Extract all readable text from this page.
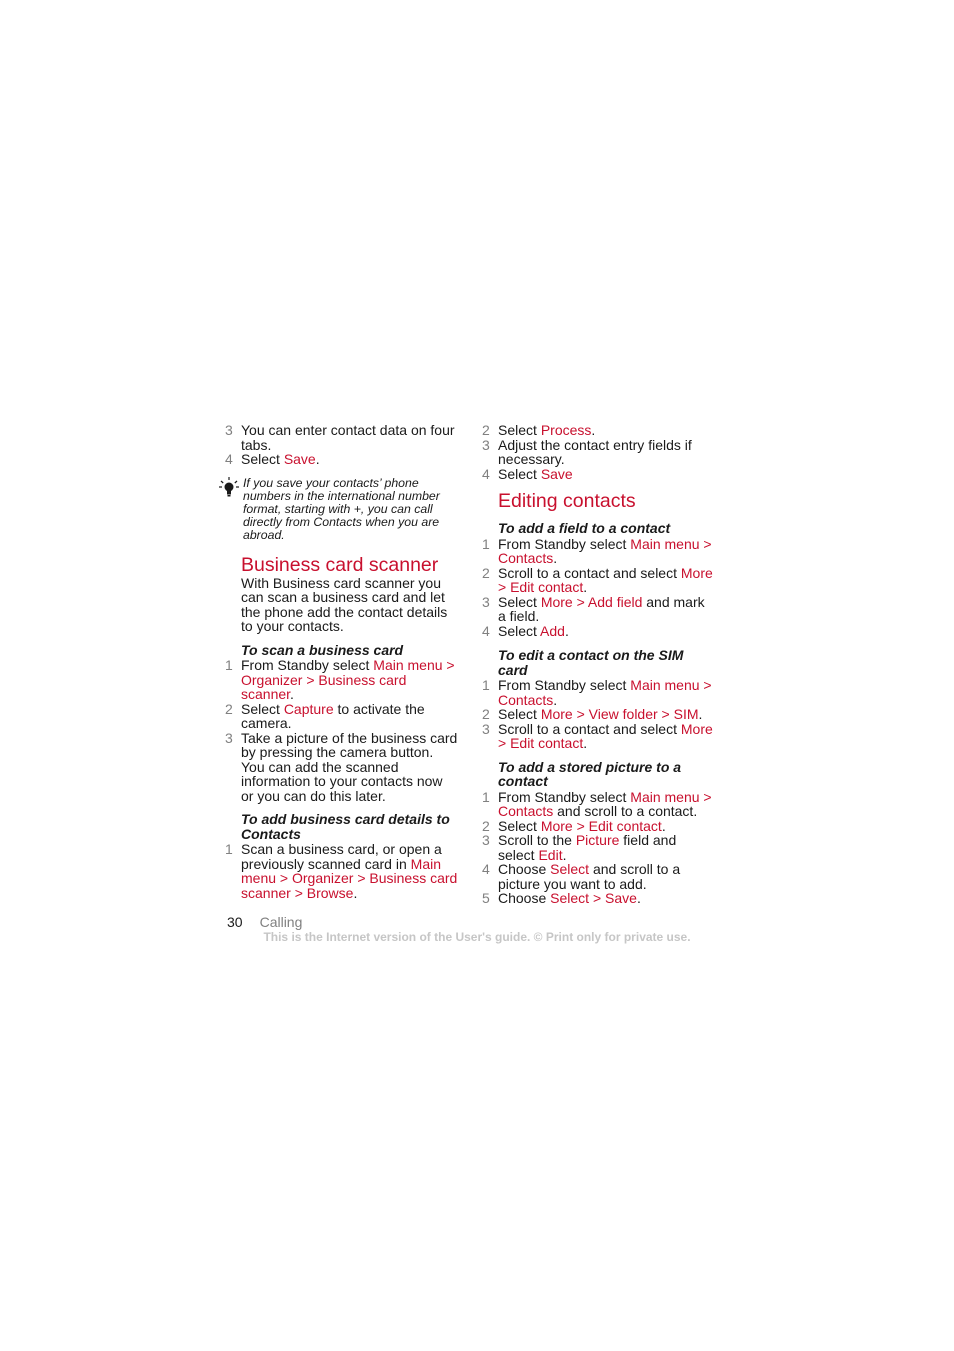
3 You can enter contact data on four tabs.
4 Select Save.
If you save your contacts’ phone numbers in the international number format, starting with +, you can call directly from Contacts when you are abroad.
Business card scanner
With Business card scanner you can scan a business card and let the phone add the contact details to your contacts.
To scan a business card
1 From Standby select Main menu > Organizer > Business card scanner.
2 Select Capture to activate the camera.
3 Take a picture of the business card by pressing the camera button. You can add the scanned information to your contacts now or you can do this later.
To add business card details to Contacts
1 Scan a business card, or open a previously scanned card in Main menu > Organizer > Business card scanner > Browse.
2 Select Process.
3 Adjust the contact entry fields if necessary.
4 Select Save
Editing contacts
To add a field to a contact
1 From Standby select Main menu > Contacts.
2 Scroll to a contact and select More > Edit contact.
3 Select More > Add field and mark a field.
4 Select Add.
To edit a contact on the SIM card
1 From Standby select Main menu > Contacts.
2 Select More > View folder > SIM.
3 Scroll to a contact and select More > Edit contact.
To add a stored picture to a contact
1 From Standby select Main menu > Contacts and scroll to a contact.
2 Select More > Edit contact.
3 Scroll to the Picture field and select Edit.
4 Choose Select and scroll to a picture you want to add.
5 Choose Select > Save.
30 Calling
This is the Internet version of the User's guide. © Print only for private use.
